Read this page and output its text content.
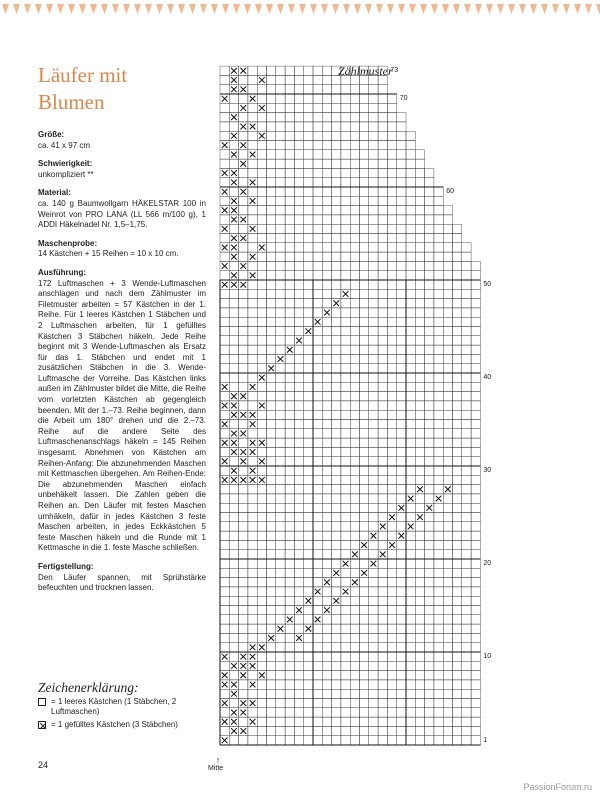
Läufer mit
Blumen
Größe:
ca. 41 x 97 cm
Schwierigkeit:
unkompliziert **
Material:
ca. 140 g Baumwollgarn HÄKELSTAR 100 in Weinrot von PRO LANA (LL 566 m/100 g), 1 ADDI Häkelnadel Nr. 1,5–1,75.
Maschenprobe:
14 Kästchen + 15 Reihen = 10 x 10 cm.
Ausführung:
172 Luftmaschen + 3 Wende-Luftmaschen anschlagen und nach dem Zählmuster im Filetmuster arbeiten = 57 Kästchen in der 1. Reihe. Für 1 leeres Kästchen 1 Stäbchen und 2 Luftmaschen arbeiten, für 1 gefülltes Kästchen 3 Stäbchen häkeln. Jede Reihe beginnt mit 3 Wende-Luftmaschen als Ersatz für das 1. Stäbchen und endet mit 1 zusätzlichen Stäbchen in die 3. Wende-Luftmasche der Vorreihe. Das Kästchen links außen im Zählmuster bildet die Mitte, die Reihe vom vorletzten Kästchen ab gegengleich beenden. Mit der 1.–73. Reihe beginnen, dann die Arbeit um 180° drehen und die 2.–73. Reihe auf die andere Seite des Luftmaschenanschlags häkeln = 145 Reihen insgesamt. Abnehmen von Kästchen am Reihen-Anfang: Die abzunehmenden Maschen mit Kettmaschen übergehen. Am Reihen-Ende: Die abzunehmenden Maschen einfach unbehäkelt lassen. Die Zahlen geben die Reihen an. Den Läufer mit festen Maschen umhäkeln, dafür in jedes Kästchen 3 feste Maschen arbeiten, in jedes Eckkästchen 5 feste Maschen häkeln und die Runde mit 1 Kettmasche in die 1. feste Masche schließen.
Fertigstellung:
Den Läufer spannen, mit Sprühstärke befeuchten und trocknen lassen.
Zeichenerklärung:
= 1 leeres Kästchen (1 Stäbchen, 2 Luftmaschen)
= 1 gefülltes Kästchen (3 Stäbchen)
24
PassionForum.ru
Zählmuster
1
10
20
30
40
50
60
70
73
↑
Mitte
